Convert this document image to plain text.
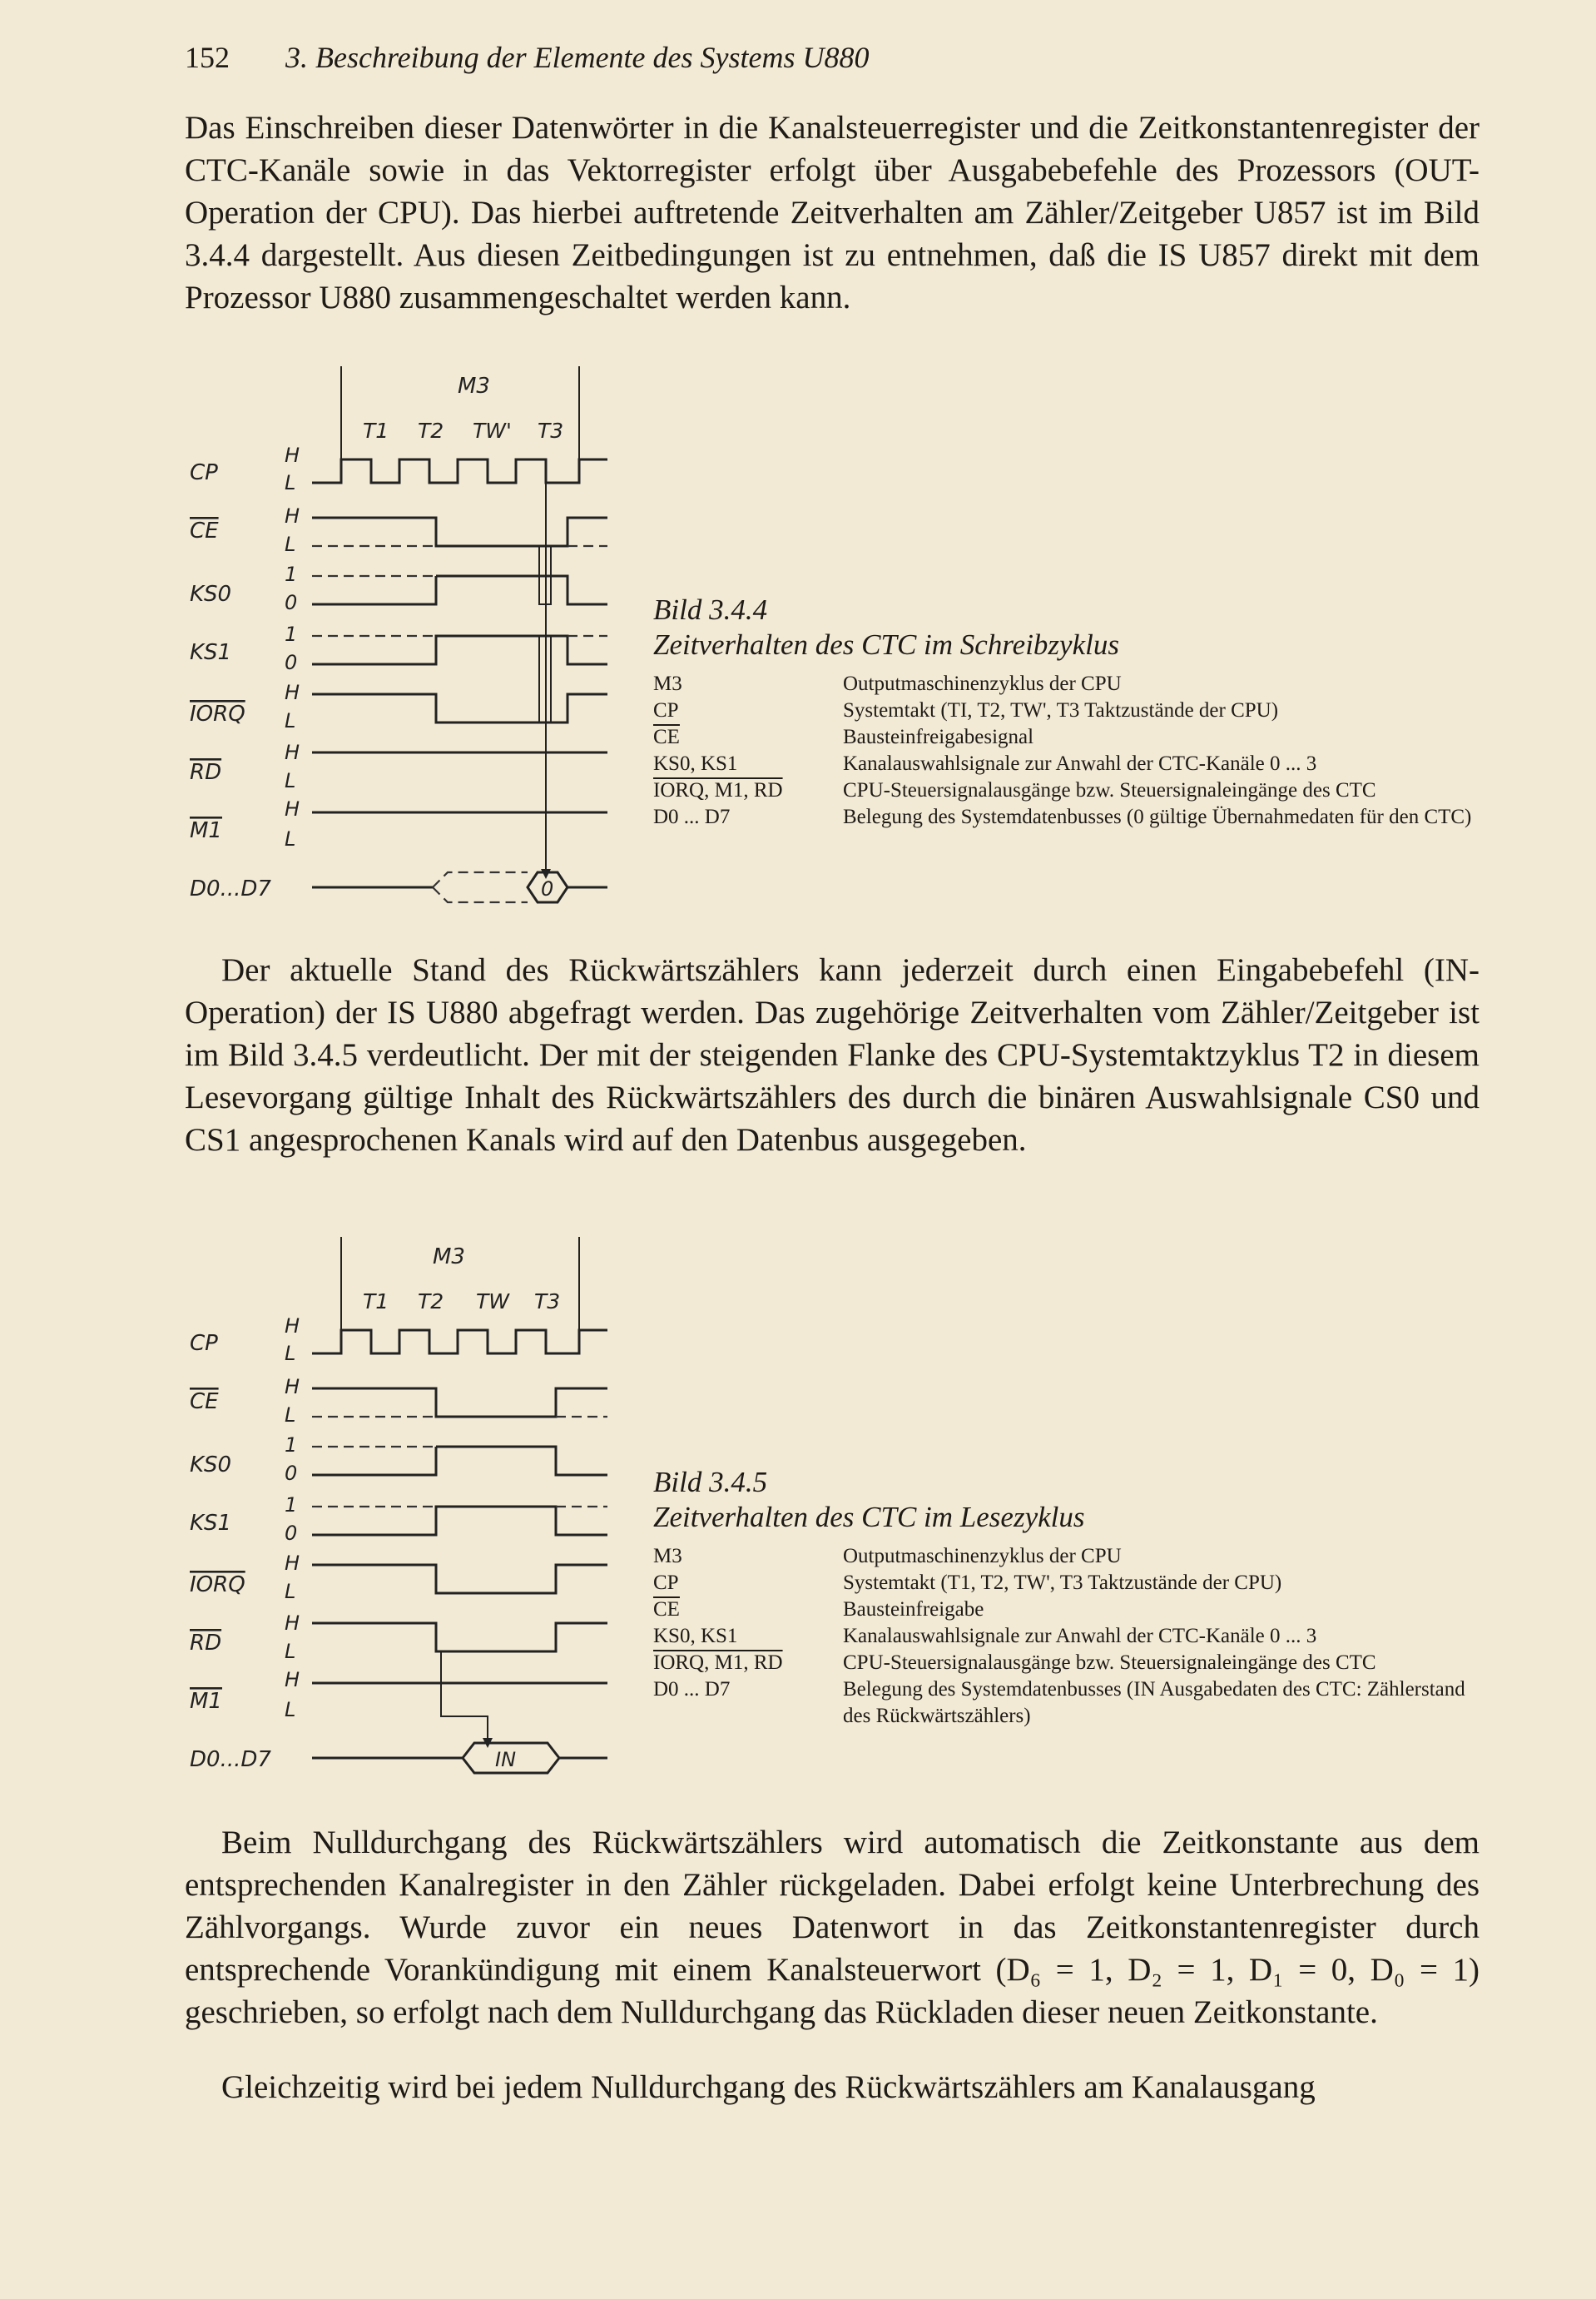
152 3. Beschreibung der Elemente des Systems U880

Das Einschreiben dieser Datenwörter in die Kanalsteuerregister und die Zeitkonstantenregister der CTC-Kanäle sowie in das Vektorregister erfolgt über Ausgabebefehle des Prozessors (OUT-Operation der CPU). Das hierbei auftretende Zeitverhalten am Zähler/Zeitgeber U857 ist im Bild 3.4.4 dargestellt. Aus diesen Zeitbedingungen ist zu entnehmen, daß die IS U857 direkt mit dem Prozessor U880 zusammengeschaltet werden kann.

M3
T1 T2 TW' T3
CP
CE
KS0
KS1
IORQ
RD
M1
D0...D7
H
L
H
L
1
0
1
0
H
L
H
L
H
L
0
Bild 3.4.4
Zeitverhalten des CTC im Schreibzyklus
M3	Outputmaschinenzyklus der CPU
CP	Systemtakt (TI, T2, TW', T3 Taktzustände der CPU)
$\overline{CE}$	Bausteinfreigabesignal
KS0, KS1	Kanalauswahlsignale zur Anwahl der CTC-Kanäle 0 ... 3
IORQ, M1, RD	CPU-Steuersignalausgänge bzw. Steuersignaleingänge des CTC
D0 ... D7	Belegung des Systemdatenbusses (0 gültige Übernahmedaten für den CTC)

Der aktuelle Stand des Rückwärtszählers kann jederzeit durch einen Eingabebefehl (IN-Operation) der IS U880 abgefragt werden. Das zugehörige Zeitverhalten vom Zähler/Zeitgeber ist im Bild 3.4.5 verdeutlicht. Der mit der steigenden Flanke des CPU-Systemtaktzyklus T2 in diesem Lesevorgang gültige Inhalt des Rückwärtszählers des durch die binären Auswahlsignale CS0 und CS1 angesprochenen Kanals wird auf den Datenbus ausgegeben.

M3
T1 T2 TW T3
CP
CE
KS0
KS1
IORQ
RD
M1
D0...D7
H
L
H
L
1
0
1
0
H
L
H
L
H
L
IN
Bild 3.4.5
Zeitverhalten des CTC im Lesezyklus
M3	Outputmaschinenzyklus der CPU
CP	Systemtakt (T1, T2, TW', T3 Taktzustände der CPU)
$\overline{CE}$	Bausteinfreigabe
KS0, KS1	Kanalauswahlsignale zur Anwahl der CTC-Kanäle 0 ... 3
IORQ, M1, RD	CPU-Steuersignalausgänge bzw. Steuersignaleingänge des CTC
D0 ... D7	Belegung des Systemdatenbusses (IN Ausgabedaten des CTC: Zählerstand des Rückwärtszählers)

Beim Nulldurchgang des Rückwärtszählers wird automatisch die Zeitkonstante aus dem entsprechenden Kanalregister in den Zähler rückgeladen. Dabei erfolgt keine Unterbrechung des Zählvorgangs. Wurde zuvor ein neues Datenwort in das Zeitkonstantenregister durch entsprechende Vorankündigung mit einem Kanalsteuerwort (D₆ = 1, D₂ = 1, D₁ = 0, D₀ = 1) geschrieben, so erfolgt nach dem Nulldurchgang das Rückladen dieser neuen Zeitkonstante.

Gleichzeitig wird bei jedem Nulldurchgang des Rückwärtszählers am Kanalausgang
